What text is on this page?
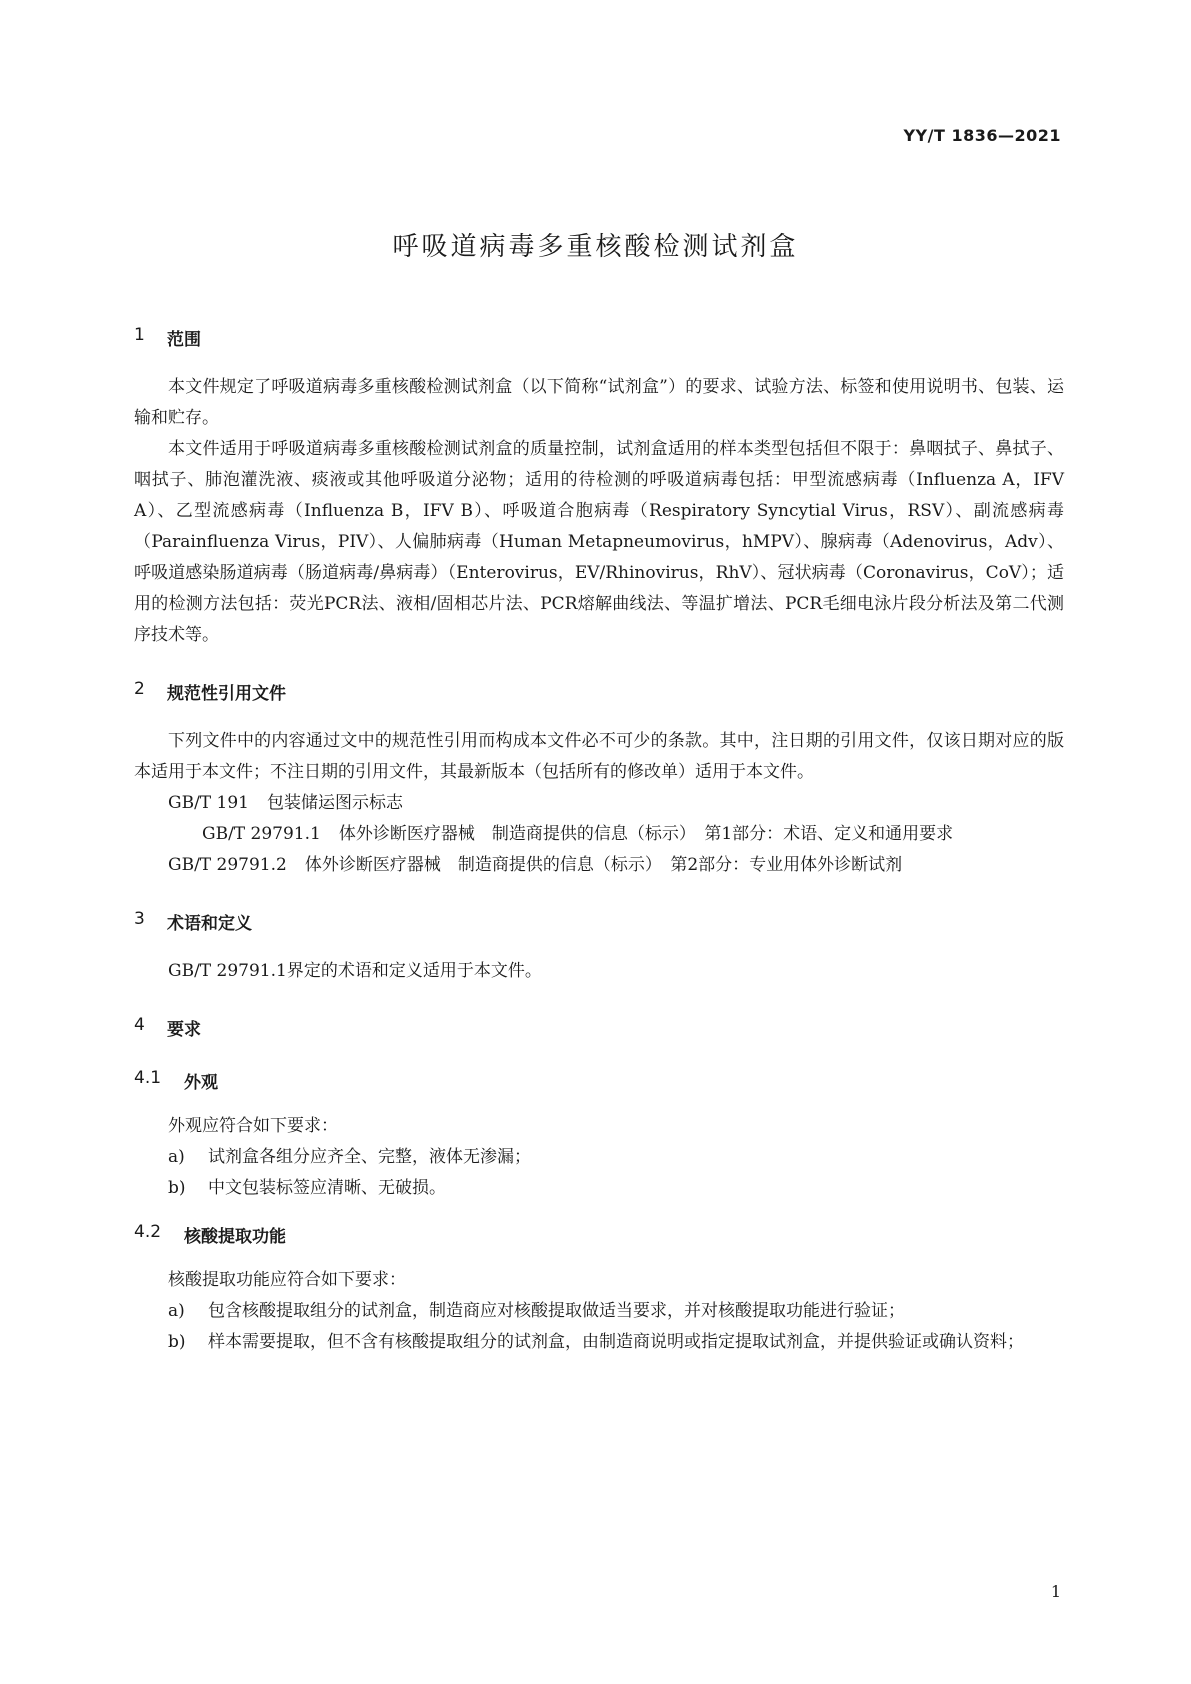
YY/T 1836—2021
呼吸道病毒多重核酸检测试剂盒
1	范围

本文件规定了呼吸道病毒多重核酸检测试剂盒（以下简称“试剂盒”）的要求、试验方法、标签和使用说明书、包装、运输和贮存。

本文件适用于呼吸道病毒多重核酸检测试剂盒的质量控制，试剂盒适用的样本类型包括但不限于：鼻咽拭子、鼻拭子、咽拭子、肺泡灌洗液、痰液或其他呼吸道分泌物；适用的待检测的呼吸道病毒包括：甲型流感病毒（Influenza A，IFV A）、乙型流感病毒（Influenza B，IFV B）、呼吸道合胞病毒（Respiratory Syncytial Virus，RSV）、副流感病毒（Parainfluenza Virus，PIV）、人偏肺病毒（Human Metapneumovirus，hMPV）、腺病毒（Adenovirus，Adv）、呼吸道感染肠道病毒（肠道病毒/鼻病毒）（Enterovirus，EV/Rhinovirus，RhV）、冠状病毒（Coronavirus，CoV）；适用的检测方法包括：荧光PCR法、液相/固相芯片法、PCR熔解曲线法、等温扩增法、PCR毛细电泳片段分析法及第二代测序技术等。

2	规范性引用文件

下列文件中的内容通过文中的规范性引用而构成本文件必不可少的条款。其中，注日期的引用文件，仅该日期对应的版本适用于本文件；不注日期的引用文件，其最新版本（包括所有的修改单）适用于本文件。

GB/T 191 包装储运图示标志

GB/T 29791.1 体外诊断医疗器械　制造商提供的信息（标示）　第1部分：术语、定义和通用要求

GB/T 29791.2 体外诊断医疗器械　制造商提供的信息（标示）　第2部分：专业用体外诊断试剂

3	术语和定义

GB/T 29791.1界定的术语和定义适用于本文件。

4	要求
4.1	外观

外观应符合如下要求：

a)	试剂盒各组分应齐全、完整，液体无渗漏；
b)	中文包装标签应清晰、无破损。
4.2	核酸提取功能

核酸提取功能应符合如下要求：

a)	包含核酸提取组分的试剂盒，制造商应对核酸提取做适当要求，并对核酸提取功能进行验证；
b)	样本需要提取，但不含有核酸提取组分的试剂盒，由制造商说明或指定提取试剂盒，并提供验证或确认资料；
1
